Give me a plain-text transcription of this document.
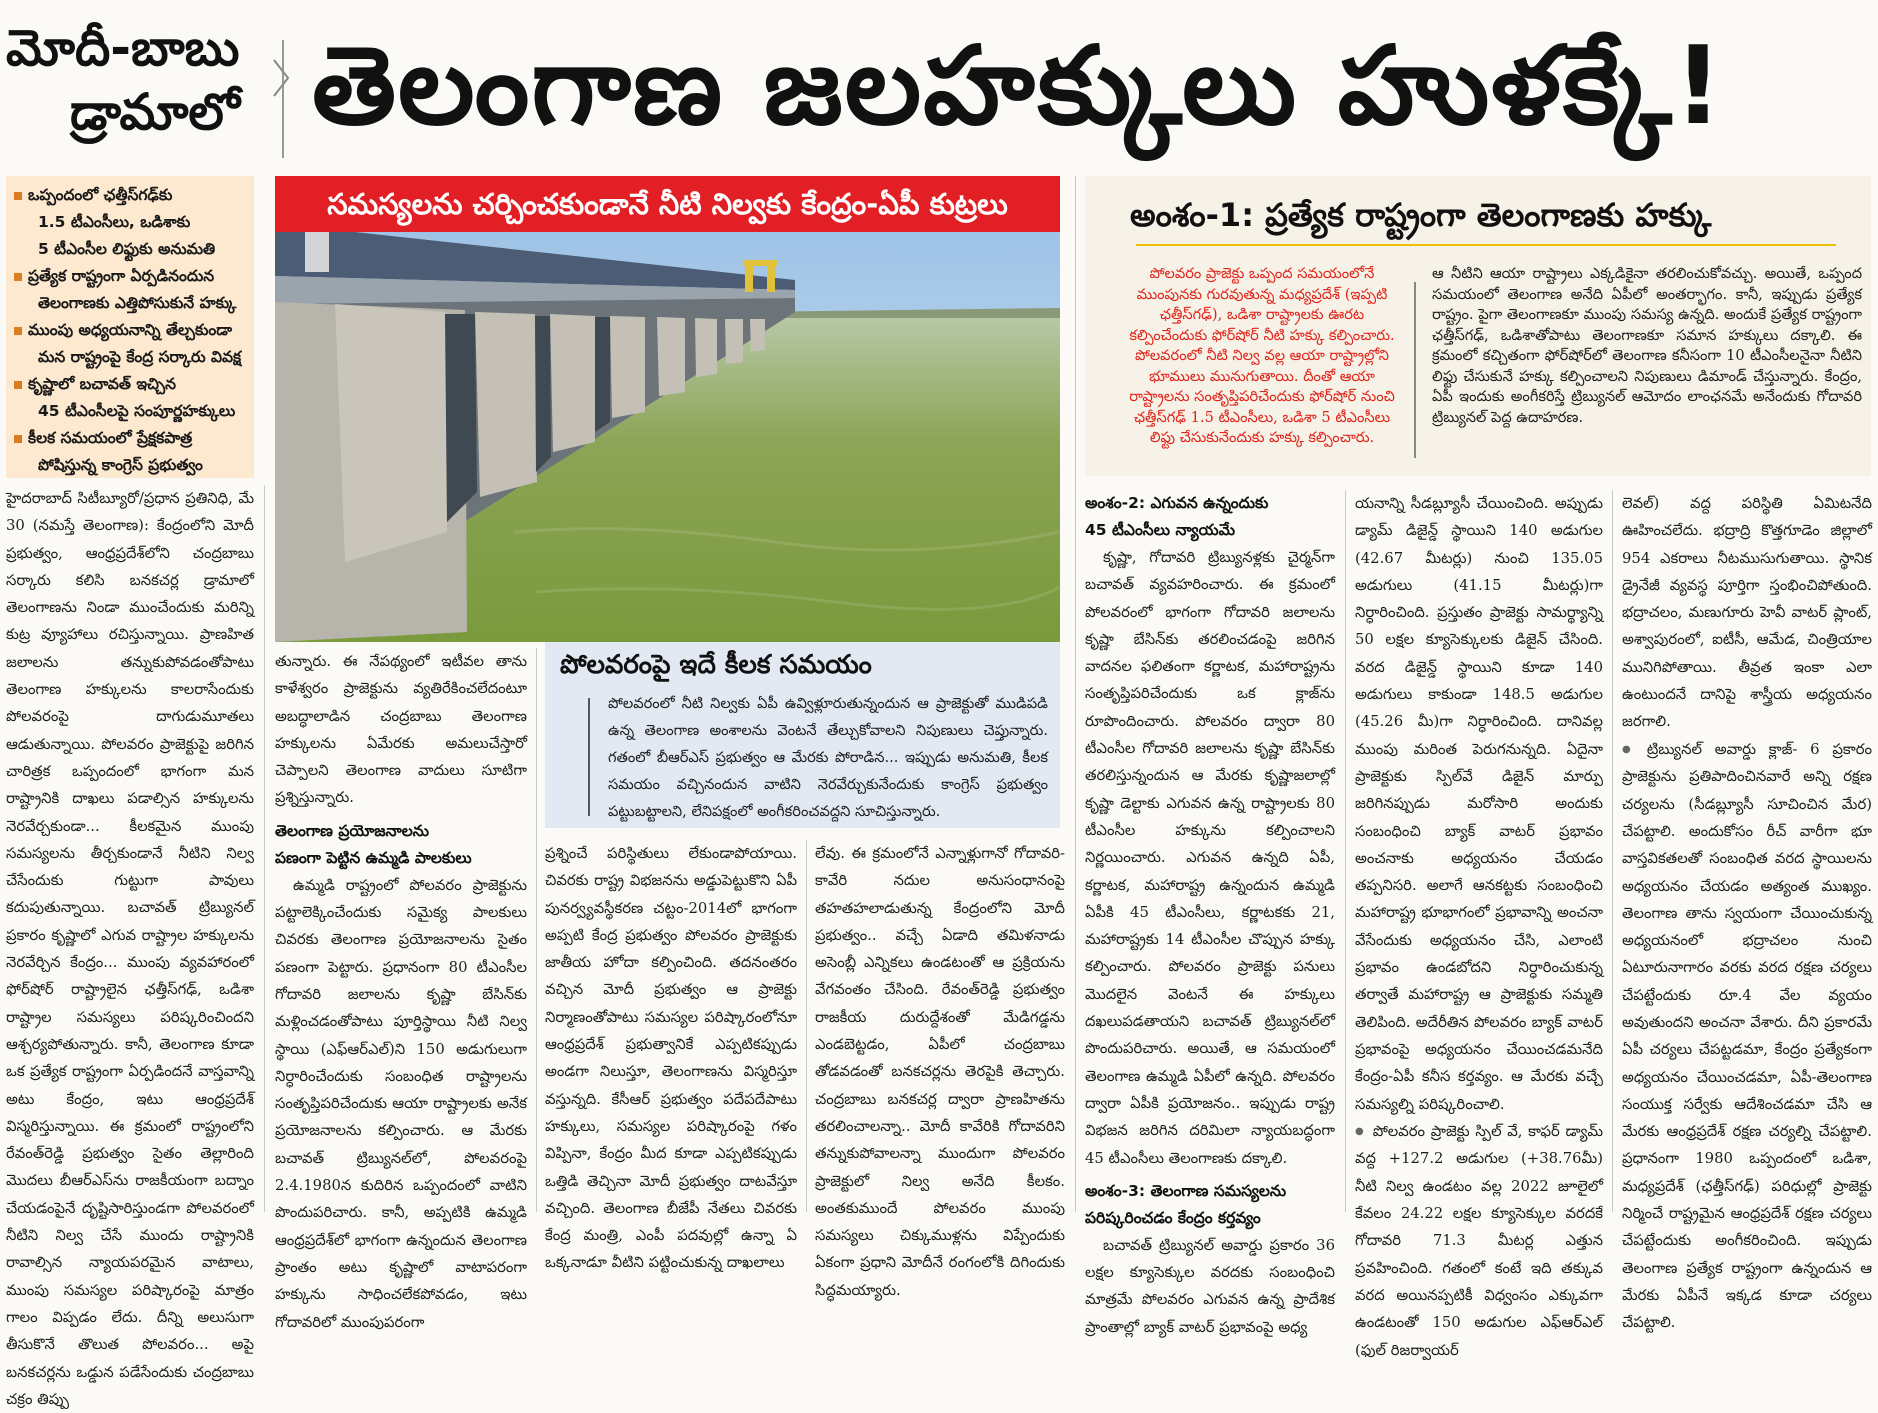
మోదీ-బాబు
డ్రామాలో తెలంగాణ జలహక్కులు హుళక్కే!
ఒప్పందంలో ఛత్తీస్‌గఢ్‌కు
1.5 టీఎంసీలు, ఒడిశాకు
5 టీఎంసీల లిఫ్టుకు అనుమతి
ప్రత్యేక రాష్ట్రంగా ఏర్పడినందున
తెలంగాణకు ఎత్తిపోసుకునే హక్కు
ముంపు అధ్యయనాన్ని తేల్చకుండా
మన రాష్ట్రంపై కేంద్ర సర్కారు వివక్ష
కృష్ణాలో బచావత్ ఇచ్చిన
45 టీఎంసీలపై సంపూర్ణహక్కులు
కీలక సమయంలో ప్రేక్షకపాత్ర
పోషిస్తున్న కాంగ్రెస్ ప్రభుత్వం
సమస్యలను చర్చించకుండానే నీటి నిల్వకు కేంద్రం-ఏపీ కుట్రలు
పోలవరంపై ఇదే కీలక సమయం
పోలవరంలో నీటి నిల్వకు ఏపీ ఉవ్విళ్లూరుతున్నందున ఆ ప్రాజెక్టుతో ముడిపడి ఉన్న తెలంగాణ అంశాలను వెంటనే తేల్చుకోవాలని నిపుణులు చెప్తున్నారు. గతంలో బీఆర్‌ఎస్ ప్రభుత్వం ఆ మేరకు పోరాడిన... ఇప్పుడు అనుమతి, కీలక సమయం వచ్చినందున వాటిని నెరవేర్చుకునేందుకు కాంగ్రెస్ ప్రభుత్వం పట్టుబట్టాలని, లేనిపక్షంలో అంగీకరించవద్దని సూచిస్తున్నారు.
అంశం-1: ప్రత్యేక రాష్ట్రంగా తెలంగాణకు హక్కు
పోలవరం ప్రాజెక్టు ఒప్పంద సమయంలోనే ముంపునకు గురవుతున్న మధ్యప్రదేశ్ (ఇప్పటి ఛత్తీస్‌గఢ్), ఒడిశా రాష్ట్రాలకు ఊరట కల్పించేందుకు ఫోర్‌షోర్ నీటి హక్కు కల్పించారు. పోలవరంలో నీటి నిల్వ వల్ల ఆయా రాష్ట్రాల్లోని భూములు మునుగుతాయి. దీంతో ఆయా రాష్ట్రాలను సంతృప్తిపరిచేందుకు ఫోర్‌షోర్ నుంచి ఛత్తీస్‌గఢ్ 1.5 టీఎంసీలు, ఒడిశా 5 టీఎంసీలు లిఫ్టు చేసుకునేందుకు హక్కు కల్పించారు.
ఆ నీటిని ఆయా రాష్ట్రాలు ఎక్కడికైనా తరలించుకోవచ్చు. అయితే, ఒప్పంద సమయంలో తెలంగాణ అనేది ఏపీలో అంతర్భాగం. కానీ, ఇప్పుడు ప్రత్యేక రాష్ట్రం. పైగా తెలంగాణకూ ముంపు సమస్య ఉన్నది. అందుకే ప్రత్యేక రాష్ట్రంగా ఛత్తీస్‌గఢ్, ఒడిశాతోపాటు తెలంగాణకూ సమాన హక్కులు దక్కాలి. ఈ క్రమంలో కచ్చితంగా ఫోర్‌షోర్‌లో తెలంగాణ కనీసంగా 10 టీఎంసీలనైనా నీటిని లిఫ్టు చేసుకునే హక్కు కల్పించాలని నిపుణులు డిమాండ్ చేస్తున్నారు. కేంద్రం, ఏపీ ఇందుకు అంగీకరిస్తే ట్రిబ్యునల్ ఆమోదం లాంఛనమే అనేందుకు గోదావరి ట్రిబ్యునల్ పెద్ద ఉదాహరణ.

హైదరాబాద్ సిటీబ్యూరో/ప్రధాన ప్రతినిధి, మే 30 (నమస్తే తెలంగాణ): కేంద్రంలోని మోదీ ప్రభుత్వం, ఆంధ్రప్రదేశ్‌లోని చంద్రబాబు సర్కారు కలిసి బనకచర్ల డ్రామాలో తెలంగాణను నిండా ముంచేందుకు మరిన్ని కుట్ర వ్యూహాలు రచిస్తున్నాయి. ప్రాణహిత జలాలను తన్నుకుపోవడంతోపాటు తెలంగాణ హక్కులను కాలరాసేందుకు పోలవరంపై దాగుడుమూతలు ఆడుతున్నాయి. పోలవరం ప్రాజెక్టుపై జరిగిన చారిత్రక ఒప్పందంలో భాగంగా మన రాష్ట్రానికి దాఖలు పడాల్సిన హక్కులను నెరవేర్చకుండా... కీలకమైన ముంపు సమస్యలను తీర్చకుండానే నీటిని నిల్వ చేసేందుకు గుట్టుగా పావులు కదుపుతున్నాయి. బచావత్ ట్రిబ్యునల్ ప్రకారం కృష్ణాలో ఎగువ రాష్ట్రాల హక్కులను నెరవేర్చిన కేంద్రం... ముంపు వ్యవహారంలో ఫోర్‌షోర్ రాష్ట్రాలైన ఛత్తీస్‌గఢ్, ఒడిశా రాష్ట్రాల సమస్యలు పరిష్కరించిందని ఆశ్చర్యపోతున్నారు. కానీ, తెలంగాణ కూడా ఒక ప్రత్యేక రాష్ట్రంగా ఏర్పడిందనే వాస్తవాన్ని అటు కేంద్రం, ఇటు ఆంధ్రప్రదేశ్ విస్మరిస్తున్నాయి. ఈ క్రమంలో రాష్ట్రంలోని రేవంత్‌రెడ్డి ప్రభుత్వం సైతం తెల్లారింది మొదలు బీఆర్‌ఎస్‌ను రాజకీయంగా బద్నాం చేయడంపైనే దృష్టిసారిస్తుండగా పోలవరంలో నీటిని నిల్వ చేసే ముందు రాష్ట్రానికి రావాల్సిన న్యాయపరమైన వాటాలు, ముంపు సమస్యల పరిష్కారంపై మాత్రం గాలం విప్పడం లేదు. దీన్ని అలుసుగా తీసుకొనే తొలుత పోలవరం... అపై బనకచర్లను ఒడ్డున పడేసేందుకు చంద్రబాబు చక్రం తిప్పు

తున్నారు. ఈ నేపథ్యంలో ఇటీవల తాను కాళేశ్వరం ప్రాజెక్టును వ్యతిరేకించలేదంటూ అబద్ధాలాడిన చంద్రబాబు తెలంగాణ హక్కులను ఏమేరకు అమలుచేస్తారో చెప్పాలని తెలంగాణ వాదులు సూటిగా ప్రశ్నిస్తున్నారు.

తెలంగాణ ప్రయోజనాలను
పణంగా పెట్టిన ఉమ్మడి పాలకులు

ఉమ్మడి రాష్ట్రంలో పోలవరం ప్రాజెక్టును పట్టాలెక్కించేందుకు సమైక్య పాలకులు చివరకు తెలంగాణ ప్రయోజనాలను సైతం పణంగా పెట్టారు. ప్రధానంగా 80 టీఎంసీల గోదావరి జలాలను కృష్ణా బేసిన్‌కు మళ్లించడంతోపాటు పూర్తిస్థాయి నీటి నిల్వ స్థాయి (ఎఫ్‌ఆర్‌ఎల్)ని 150 అడుగులుగా నిర్ధారించేందుకు సంబంధిత రాష్ట్రాలను సంతృప్తిపరిచేందుకు ఆయా రాష్ట్రాలకు అనేక ప్రయోజనాలను కల్పించారు. ఆ మేరకు బచావత్ ట్రిబ్యునల్‌లో, పోలవరంపై 2.4.1980న కుదిరిన ఒప్పందంలో వాటిని పొందుపరిచారు. కానీ, అప్పటికి ఉమ్మడి ఆంధ్రప్రదేశ్‌లో భాగంగా ఉన్నందున తెలంగాణ ప్రాంతం అటు కృష్ణాలో వాటాపరంగా హక్కును సాధించలేకపోవడం, ఇటు గోదావరిలో ముంపుపరంగా

ప్రశ్నించే పరిస్థితులు లేకుండాపోయాయి. చివరకు రాష్ట్ర విభజనను అడ్డుపెట్టుకొని ఏపీ పునర్వ్యవస్థీకరణ చట్టం-2014లో భాగంగా అప్పటి కేంద్ర ప్రభుత్వం పోలవరం ప్రాజెక్టుకు జాతీయ హోదా కల్పించింది. తదనంతరం వచ్చిన మోదీ ప్రభుత్వం ఆ ప్రాజెక్టు నిర్మాణంతోపాటు సమస్యల పరిష్కారంలోనూ ఆంధ్రప్రదేశ్ ప్రభుత్వానికే ఎప్పటికప్పుడు అండగా నిలుస్తూ, తెలంగాణను విస్మరిస్తూ వస్తున్నది. కేసీఆర్ ప్రభుత్వం పదేపదేపాటు హక్కులు, సమస్యల పరిష్కారంపై గళం విప్పినా, కేంద్రం మీద కూడా ఎప్పటికప్పుడు ఒత్తిడి తెచ్చినా మోదీ ప్రభుత్వం దాటవేస్తూ వచ్చింది. తెలంగాణ బీజేపీ నేతలు చివరకు కేంద్ర మంత్రి, ఎంపీ పదవుల్లో ఉన్నా ఏ ఒక్కనాడూ వీటిని పట్టించుకున్న దాఖలాలు

లేవు. ఈ క్రమంలోనే ఎన్నాళ్లుగానో గోదావరి-కావేరి నదుల అనుసంధానంపై తహతహలాడుతున్న కేంద్రంలోని మోదీ ప్రభుత్వం.. వచ్చే ఏడాది తమిళనాడు అసెంబ్లీ ఎన్నికలు ఉండటంతో ఆ ప్రక్రియను వేగవంతం చేసింది. రేవంత్‌రెడ్డి ప్రభుత్వం రాజకీయ దురుద్దేశంతో మేడిగడ్డను ఎండబెట్టడం, ఏపీలో చంద్రబాబు తోడవడంతో బనకచర్లను తెరపైకి తెచ్చారు. చంద్రబాబు బనకచర్ల ద్వారా ప్రాణహితను తరలించాలన్నా.. మోదీ కావేరికి గోదావరిని తన్నుకుపోవాలన్నా ముందుగా పోలవరం ప్రాజెక్టులో నిల్వ అనేది కీలకం. అంతకుముందే పోలవరం ముంపు సమస్యలు చిక్కుముళ్లను విప్పేందుకు ఏకంగా ప్రధాని మోదీనే రంగంలోకి దిగిందుకు సిద్ధమయ్యారు.

అంశం-2: ఎగువన ఉన్నందుకు
45 టీఎంసీలు న్యాయమే

కృష్ణా, గోదావరి ట్రిబ్యునళ్లకు చైర్మన్‌గా బచావత్ వ్యవహరించారు. ఈ క్రమంలో పోలవరంలో భాగంగా గోదావరి జలాలను కృష్ణా బేసిన్‌కు తరలించడంపై జరిగిన వాదనల ఫలితంగా కర్ణాటక, మహారాష్ట్రను సంతృప్తిపరిచేందుకు ఒక క్లాజ్‌ను రూపొందించారు. పోలవరం ద్వారా 80 టీఎంసీల గోదావరి జలాలను కృష్ణా బేసిన్‌కు తరలిస్తున్నందున ఆ మేరకు కృష్ణాజలాల్లో కృష్ణా డెల్టాకు ఎగువన ఉన్న రాష్ట్రాలకు 80 టీఎంసీల హక్కును కల్పించాలని నిర్ణయించారు. ఎగువన ఉన్నది ఏపీ, కర్ణాటక, మహారాష్ట్ర ఉన్నందున ఉమ్మడి ఏపీకి 45 టీఎంసీలు, కర్ణాటకకు 21, మహారాష్ట్రకు 14 టీఎంసీల చొప్పున హక్కు కల్పించారు. పోలవరం ప్రాజెక్టు పనులు మొదలైన వెంటనే ఈ హక్కులు దఖలుపడతాయని బచావత్ ట్రిబ్యునల్‌లో పొందుపరిచారు. అయితే, ఆ సమయంలో తెలంగాణ ఉమ్మడి ఏపీలో ఉన్నది. పోలవరం ద్వారా ఏపీకి ప్రయోజనం.. ఇప్పుడు రాష్ట్ర విభజన జరిగిన దరిమిలా న్యాయబద్ధంగా 45 టీఎంసీలు తెలంగాణకు దక్కాలి.

అంశం-3: తెలంగాణ సమస్యలను
పరిష్కరించడం కేంద్రం కర్తవ్యం

బచావత్ ట్రిబ్యునల్ అవార్డు ప్రకారం 36 లక్షల క్యూసెక్కుల వరదకు సంబంధించి మాత్రమే పోలవరం ఎగువన ఉన్న ప్రాదేశిక ప్రాంతాల్లో బ్యాక్ వాటర్ ప్రభావంపై అధ్య

యనాన్ని సీడబ్ల్యూసీ చేయించింది. అప్పుడు డ్యామ్ డిజైన్డ్ స్థాయిని 140 అడుగుల (42.67 మీటర్లు) నుంచి 135.05 అడుగులు (41.15 మీటర్లు)గా నిర్ధారించింది. ప్రస్తుతం ప్రాజెక్టు సామర్థ్యాన్ని 50 లక్షల క్యూసెక్కులకు డిజైన్ చేసింది. వరద డిజైన్డ్ స్థాయిని కూడా 140 అడుగులు కాకుండా 148.5 అడుగుల (45.26 మీ)గా నిర్ధారించింది. దానివల్ల ముంపు మరింత పెరుగనున్నది. ఏదైనా ప్రాజెక్టుకు స్పిల్‌వే డిజైన్ మార్పు జరిగినప్పుడు మరోసారి అందుకు సంబంధించి బ్యాక్ వాటర్ ప్రభావం అంచనాకు అధ్యయనం చేయడం తప్పనిసరి. అలాగే ఆనకట్టకు సంబంధించి మహారాష్ట్ర భూభాగంలో ప్రభావాన్ని అంచనా వేసేందుకు అధ్యయనం చేసి, ఎలాంటి ప్రభావం ఉండబోదని నిర్ధారించుకున్న తర్వాతే మహారాష్ట్ర ఆ ప్రాజెక్టుకు సమ్మతి తెలిపింది. అదేరీతిన పోలవరం బ్యాక్ వాటర్ ప్రభావంపై అధ్యయనం చేయించడమనేది కేంద్రం-ఏపీ కనీస కర్తవ్యం. ఆ మేరకు వచ్చే సమస్యల్ని పరిష్కరించాలి.

● పోలవరం ప్రాజెక్టు స్పిల్ వే, కాఫర్ డ్యామ్ వద్ద +127.2 అడుగుల (+38.76మీ) నీటి నిల్వ ఉండటం వల్ల 2022 జూలైలో కేవలం 24.22 లక్షల క్యూసెక్కుల వరదకే గోదావరి 71.3 మీటర్ల ఎత్తున ప్రవహించింది. గతంలో కంటే ఇది తక్కువ వరద అయినప్పటికీ విధ్వంసం ఎక్కువగా ఉండటంతో 150 అడుగుల ఎఫ్‌ఆర్‌ఎల్ (ఫుల్ రిజర్వాయర్

లెవల్) వద్ద పరిస్థితి ఏమిటనేది ఊహించలేదు. భద్రాద్రి కొత్తగూడెం జిల్లాలో 954 ఎకరాలు నీటముసుగుతాయి. స్థానిక డ్రైనేజీ వ్యవస్థ పూర్తిగా స్తంభించిపోతుంది. భద్రాచలం, మణుగూరు హెవీ వాటర్ ప్లాంట్, అశ్వాపురంలో, ఐటీసీ, ఆమేడ, చింత్రియాల మునిగిపోతాయి. తీవ్రత ఇంకా ఎలా ఉంటుందనే దానిపై శాస్త్రీయ అధ్యయనం జరగాలి.

● ట్రిబ్యునల్ అవార్డు క్లాజ్- 6 ప్రకారం ప్రాజెక్టును ప్రతిపాదించినవారే అన్ని రక్షణ చర్యలను (సీడబ్ల్యూసీ సూచించిన మేర) చేపట్టాలి. అందుకోసం రీచ్ వారీగా భూ వాస్తవికతలతో సంబంధిత వరద స్థాయిలను అధ్యయనం చేయడం అత్యంత ముఖ్యం. తెలంగాణ తాను స్వయంగా చేయించుకున్న అధ్యయనంలో భద్రాచలం నుంచి ఏటూరునాగారం వరకు వరద రక్షణ చర్యలు చేపట్టేందుకు రూ.4 వేల వ్యయం అవుతుందని అంచనా వేశారు. దీని ప్రకారమే ఏపీ చర్యలు చేపట్టడమా, కేంద్రం ప్రత్యేకంగా అధ్యయనం చేయించడమా, ఏపీ-తెలంగాణ సంయుక్త సర్వేకు ఆదేశించడమా చేసి ఆ మేరకు ఆంధ్రప్రదేశ్ రక్షణ చర్యల్ని చేపట్టాలి. ప్రధానంగా 1980 ఒప్పందంలో ఒడిశా, మధ్యప్రదేశ్ (ఛత్తీస్‌గఢ్) పరిధుల్లో ప్రాజెక్టు నిర్మించే రాష్ట్రమైన ఆంధ్రప్రదేశ్ రక్షణ చర్యలు చేపట్టేందుకు అంగీకరించింది. ఇప్పుడు తెలంగాణ ప్రత్యేక రాష్ట్రంగా ఉన్నందున ఆ మేరకు ఏపీనే ఇక్కడ కూడా చర్యలు చేపట్టాలి.
